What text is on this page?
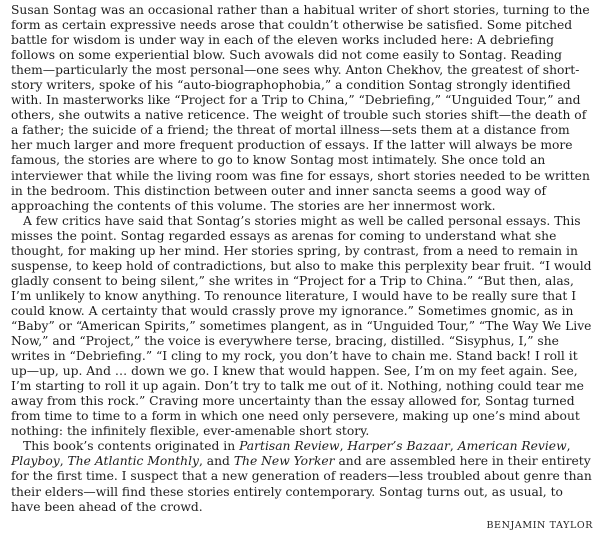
Susan Sontag was an occasional rather than a habitual writer of short stories, turning to the form as certain expressive needs arose that couldn’t otherwise be satisfied. Some pitched battle for wisdom is under way in each of the eleven works included here: A debriefing follows on some experiential blow. Such avowals did not come easily to Sontag. Reading them—particularly the most personal—one sees why. Anton Chekhov, the greatest of short-story writers, spoke of his “auto-biographophobia,” a condition Sontag strongly identified with. In masterworks like “Project for a Trip to China,” “Debriefing,” “Unguided Tour,” and others, she outwits a native reticence. The weight of trouble such stories shift—the death of a father; the suicide of a friend; the threat of mortal illness—sets them at a distance from her much larger and more frequent production of essays. If the latter will always be more famous, the stories are where to go to know Sontag most intimately. She once told an interviewer that while the living room was fine for essays, short stories needed to be written in the bedroom. This distinction between outer and inner sancta seems a good way of approaching the contents of this volume. The stories are her innermost work.

A few critics have said that Sontag’s stories might as well be called personal essays. This misses the point. Sontag regarded essays as arenas for coming to understand what she thought, for making up her mind. Her stories spring, by contrast, from a need to remain in suspense, to keep hold of contradictions, but also to make this perplexity bear fruit. “I would gladly consent to being silent,” she writes in “Project for a Trip to China.” “But then, alas, I’m unlikely to know anything. To renounce literature, I would have to be really sure that I could know. A certainty that would crassly prove my ignorance.” Sometimes gnomic, as in “Baby” or “American Spirits,” sometimes plangent, as in “Unguided Tour,” “The Way We Live Now,” and “Project,” the voice is everywhere terse, bracing, distilled. “Sisyphus, I,” she writes in “Debriefing.” “I cling to my rock, you don’t have to chain me. Stand back! I roll it up—up, up. And … down we go. I knew that would happen. See, I’m on my feet again. See, I’m starting to roll it up again. Don’t try to talk me out of it. Nothing, nothing could tear me away from this rock.” Craving more uncertainty than the essay allowed for, Sontag turned from time to time to a form in which one need only persevere, making up one’s mind about nothing: the infinitely flexible, ever-amenable short story.

This book’s contents originated in Partisan Review, Harper’s Bazaar, American Review, Playboy, The Atlantic Monthly, and The New Yorker and are assembled here in their entirety for the first time. I suspect that a new generation of readers—less troubled about genre than their elders—will find these stories entirely contemporary. Sontag turns out, as usual, to have been ahead of the crowd.

BENJAMIN TAYLOR
